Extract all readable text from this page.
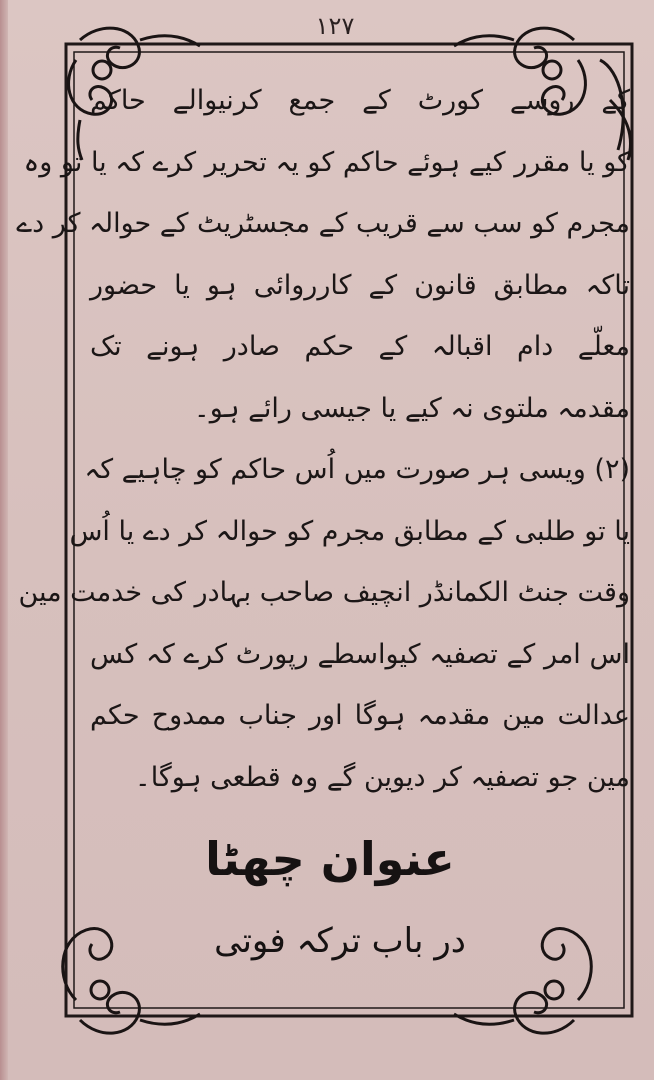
۱۲۷
کے روسے کورٹ کے جمع کرنیوالے حاکم
کو یا مقرر کیے ہوئے حاکم کو یہ تحریر کرے کہ یا تو وہ
مجرم کو سب سے قریب کے مجسٹریٹ کے حوالہ کر دے
تاکہ مطابق قانون کے کارروائی ہو یا حضور
معلّے دام اقبالہ کے حکم صادر ہونے تک
مقدمہ ملتوی نہ کیے یا جیسی رائے ہو۔
(۲) ویسی ہر صورت میں اُس حاکم کو چاہیے کہ
یا تو طلبی کے مطابق مجرم کو حوالہ کر دے یا اُس
وقت جنٹ الکمانڈر انچیف صاحب بہادر کی خدمت مین
اس امر کے تصفیہ کیواسطے رپورٹ کرے کہ کس
عدالت مین مقدمہ ہوگا اور جناب ممدوح حکم
مین جو تصفیہ کر دیوین گے وہ قطعی ہوگا۔
عنوان چھٹا
در باب ترکہ فوتی
